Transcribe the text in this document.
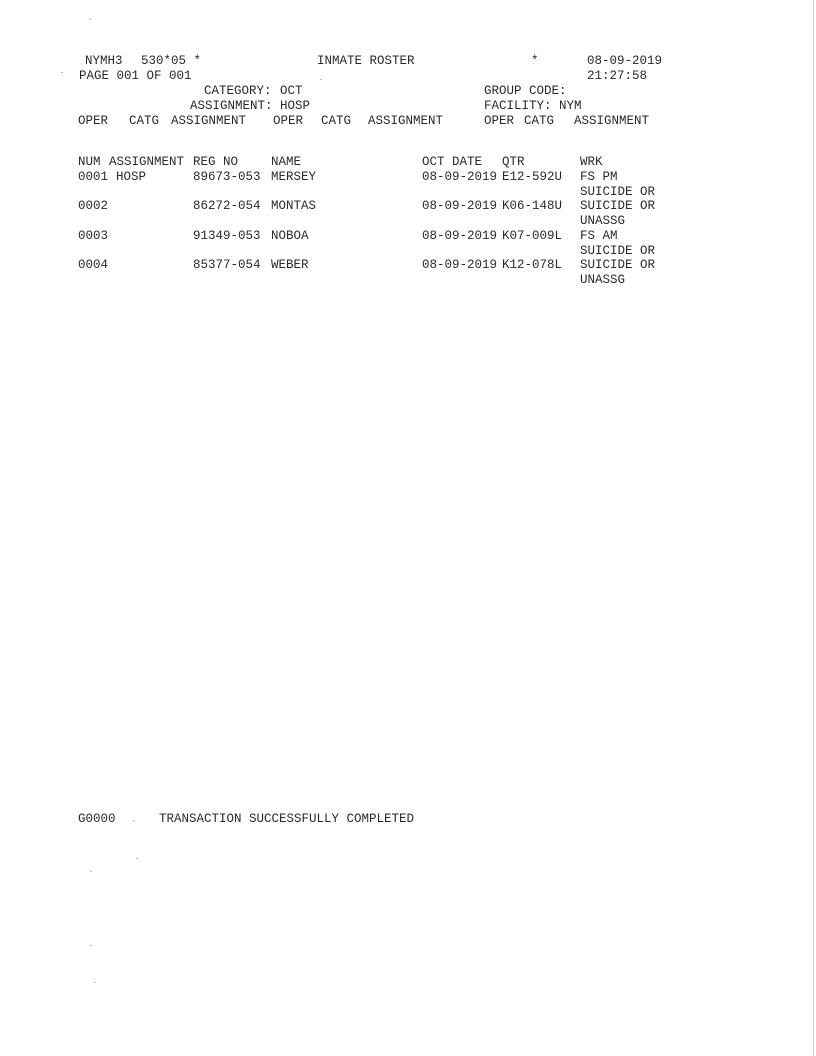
NYMH3 530*05 *	INMATE ROSTER	*	08-09-2019
PAGE 001 OF 001	21:27:58
CATEGORY: OCT	GROUP CODE:
ASSIGNMENT: HOSP	FACILITY: NYM
OPER CATG ASSIGNMENT OPER CATG ASSIGNMENT	OPER CATG ASSIGNMENT
NUM ASSIGNMENT REG NO	NAME	OCT DATE QTR	WRK
0001 HOSP	89673-053 MERSEY	08-09-2019 E12-592U FS PM
SUICIDE OR
0002	86272-054 MONTAS	08-09-2019 K06-148U SUICIDE OR
UNASSG
0003	91349-053 NOBOA	08-09-2019 K07-009L FS AM
SUICIDE OR
0004	85377-054 WEBER	08-09-2019 K12-078L SUICIDE OR
UNASSG
G0000	TRANSACTION SUCCESSFULLY COMPLETED
